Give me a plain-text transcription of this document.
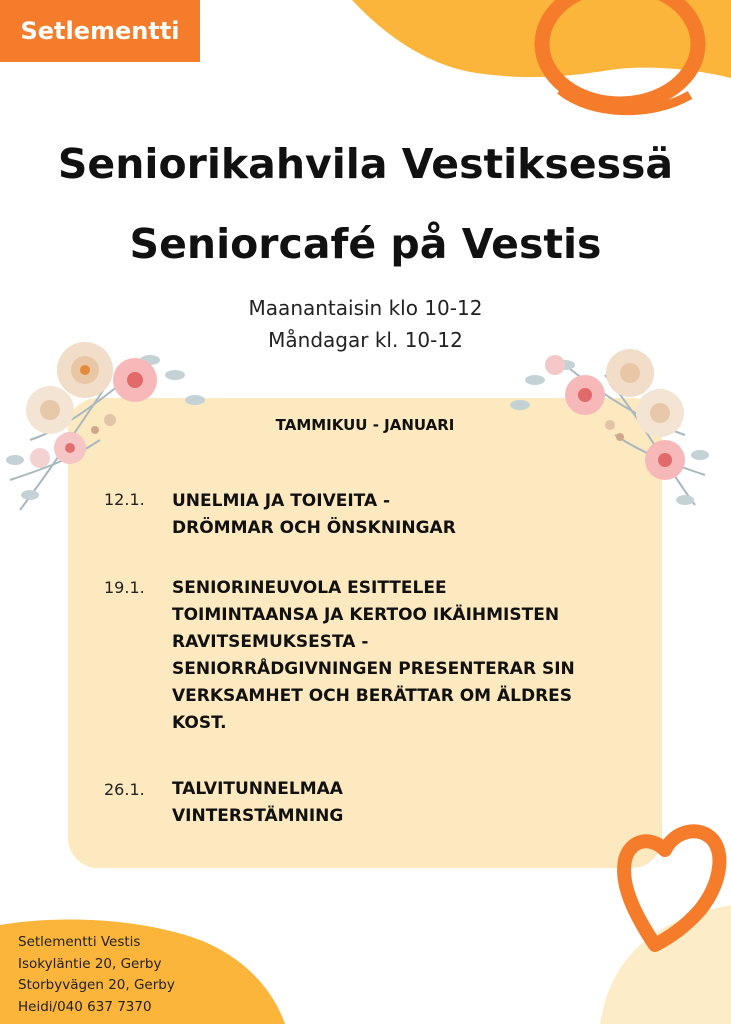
Setlementti
Seniorikahvila Vestiksessä
Seniorcafé på Vestis
Maanantaisin klo 10-12
Måndagar kl. 10-12
TAMMIKUU - JANUARI
12.1. UNELMIA JA TOIVEITA -
DRÖMMAR OCH ÖNSKNINGAR
19.1. SENIORINEUVOLA ESITTELEE
TOIMINTAANSA JA KERTOO IKÄIHMISTEN
RAVITSEMUKSESTA -
SENIORRÅDGIVNINGEN PRESENTERAR SIN
VERKSAMHET OCH BERÄTTAR OM ÄLDRES
KOST.
26.1. TALVITUNNELMAA
VINTERSTÄMNING
Setlementti Vestis
Isokyläntie 20, Gerby
Storbyvägen 20, Gerby
Heidi/040 637 7370
